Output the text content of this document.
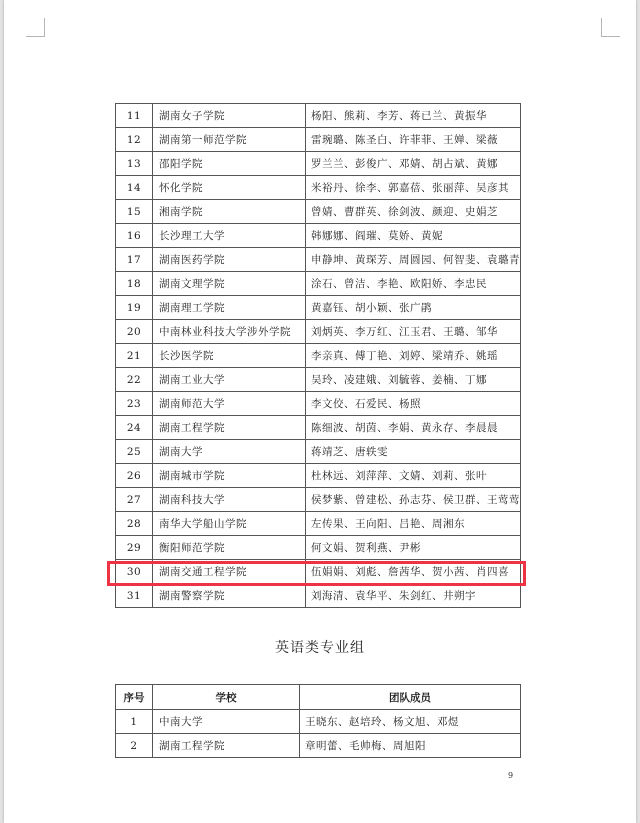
11	湖南女子学院	杨阳、熊莉、李芳、蒋已兰、黄振华
12	湖南第一师范学院	雷琬璐、陈圣白、许菲菲、王婵、梁薇
13	邵阳学院	罗兰兰、彭俊广、邓婧、胡占斌、黄娜
14	怀化学院	米裕丹、徐李、郭嘉蓓、张丽萍、吴彦其
15	湘南学院	曾婧、曹群英、徐剑波、颜迎、史娟芝
16	长沙理工大学	韩娜娜、阎璀、莫娇、黄妮
17	湖南医药学院	申静坤、黄琛芳、周圆园、何智斐、袁璐青
18	湖南文理学院	涂石、曾洁、李艳、欧阳娇、李忠民
19	湖南理工学院	黄嘉钰、胡小颖、张广鹃
20	中南林业科技大学涉外学院	刘炳英、李万红、江玉君、王璐、邹华
21	长沙医学院	李亲真、傅丁艳、刘婷、梁靖乔、姚瑶
22	湖南工业大学	吴玲、凌建娥、刘毓蓉、姜楠、丁娜
23	湖南师范大学	李文佼、石爱民、杨照
24	湖南工程学院	陈细波、胡茵、李娟、黄永存、李晨晨
25	湖南大学	蒋靖芝、唐轶雯
26	湖南城市学院	杜林远、刘萍萍、文婧、刘莉、张叶
27	湖南科技大学	侯梦紫、曾建松、孙志芬、侯卫群、王莺莺
28	南华大学船山学院	左传果、王向阳、吕艳、周湘东
29	衡阳师范学院	何文娟、贺利燕、尹彬
30	湖南交通工程学院	伍娟娟、刘彪、詹茜华、贺小茜、肖四喜
31	湖南警察学院	刘海清、袁华平、朱剑红、井朔宇
英语类专业组
序号	学校	团队成员
1	中南大学	王晓东、赵培玲、杨文旭、邓煜
2	湖南工程学院	章明蕾、毛帅梅、周旭阳
9
